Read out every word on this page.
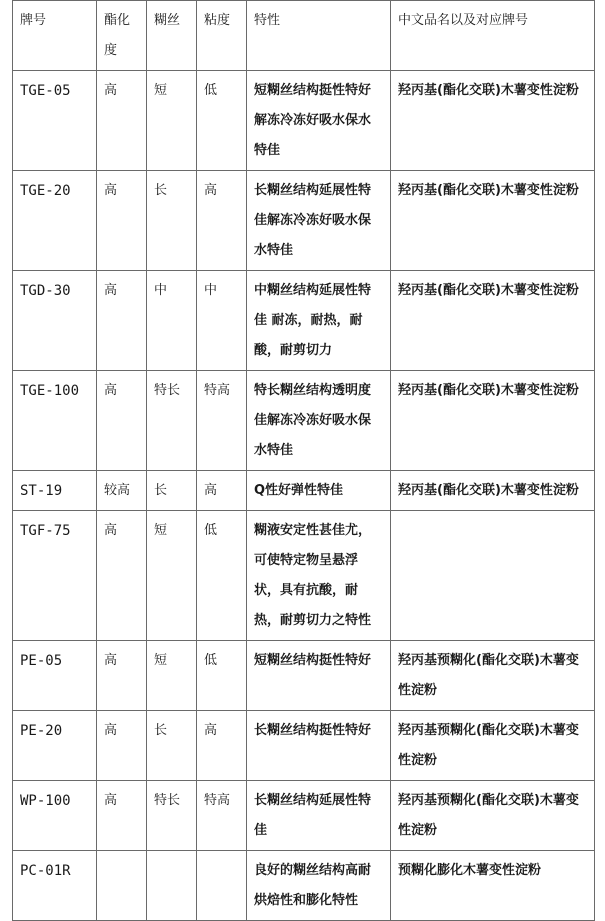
牌号	酯化度	糊丝	粘度	特性	中文品名以及对应牌号
TGE-05	高	短	低	短糊丝结构挺性特好解冻冷冻好吸水保水特佳	羟丙基(酯化交联)木薯变性淀粉
TGE-20	高	长	高	长糊丝结构延展性特佳解冻冷冻好吸水保水特佳	羟丙基(酯化交联)木薯变性淀粉
TGD-30	高	中	中	中糊丝结构延展性特佳 耐冻，耐热，耐酸，耐剪切力	羟丙基(酯化交联)木薯变性淀粉
TGE-100	高	特长	特高	特长糊丝结构透明度佳解冻冷冻好吸水保水特佳	羟丙基(酯化交联)木薯变性淀粉
ST-19	较高	长	高	Q性好弹性特佳	羟丙基(酯化交联)木薯变性淀粉
TGF-75	高	短	低	糊液安定性甚佳尤，可使特定物呈悬浮状，具有抗酸，耐热，耐剪切力之特性	
PE-05	高	短	低	短糊丝结构挺性特好	羟丙基预糊化(酯化交联)木薯变性淀粉
PE-20	高	长	高	长糊丝结构挺性特好	羟丙基预糊化(酯化交联)木薯变性淀粉
WP-100	高	特长	特高	长糊丝结构延展性特佳	羟丙基预糊化(酯化交联)木薯变性淀粉
PC-01R				良好的糊丝结构高耐烘焙性和膨化特性	预糊化膨化木薯变性淀粉
